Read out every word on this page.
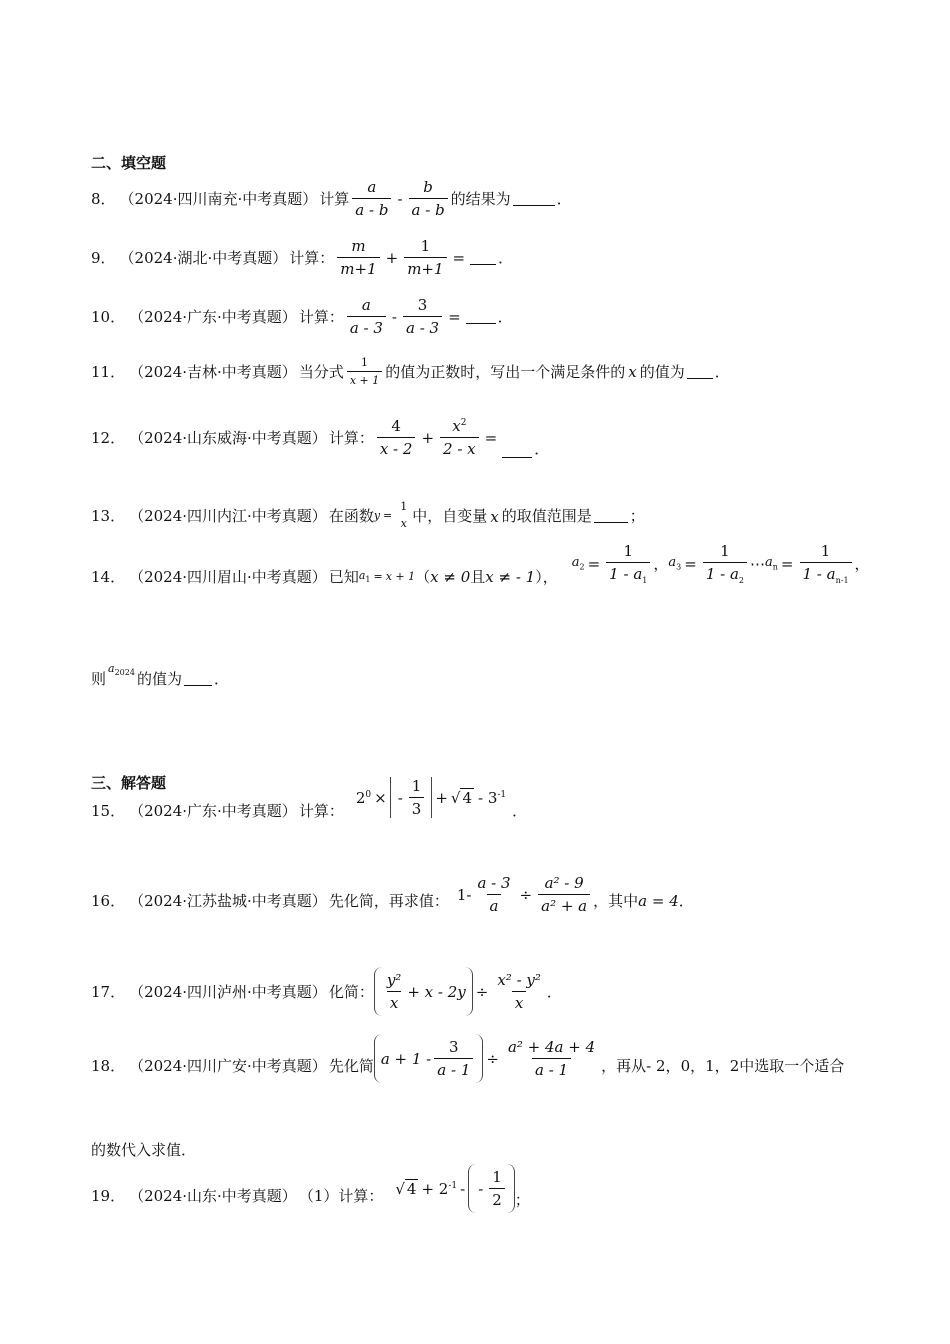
二、填空题
8． （2024·四川南充·中考真题） 计算 $\frac{a}{a - b} - \frac{b}{a - b}$ 的结果为	．
9． （2024·湖北·中考真题） 计算： $\frac{m}{m+1} + \frac{1}{m+1}$ = ．
10． （2024·广东·中考真题） 计算： $\frac{a}{a - 3} - \frac{3}{a - 3}$ = ．
11． （2024·吉林·中考真题） 当分式 $\frac{1}{x + 1}$ 的值为正数时，写出一个满足条件的 x 的值为 ．
12． （2024·山东威海·中考真题） 计算： $\frac{4}{x - 2} + \frac{x^2}{2 - x}$ =
．
13． （2024·四川内江·中考真题） 在函数 y =
1
x 中，自变量 x 的取值范围是	；
14． （2024·四川眉山·中考真题） 已知 $a_1 = x + 1$ （ x ≠ 0 且 x ≠ - 1 ），
$a_2 = \frac{1}{1 - a_1}$ ， $a_3 = \frac{1}{1 - a_2}$ ⋯ $a_n = \frac{1}{1 - a_{n-1}}$ ，
则
$a_{2024}$ 的值为 ．
三、解答题
15． （2024·广东·中考真题） 计算：
$2^0$ × - $\frac{1}{3}$ + √ $4 - 3^{-1}$
．
16． （2024·江苏盐城·中考真题） 先化简，再求值： $1- \frac{a - 3}{a} \div \frac{\text{a² - 9}}{\text{a² + a}}$ ，其中 a = 4 ．
17． （2024·四川泸州·中考真题） 化简： $\frac{\text{y²}}{x} + x - 2y \div \frac{\text{x² - y²}}{x}$ ．
18． （2024·四川广安·中考真题） 先化简 $a + 1 - \frac{3}{a - 1} \div \frac{\text{a² + 4a + 4}}{a - 1}$ ，再从 - 2 ， 0 ， 1 ， 2 中选取一个适合
的数代入求值．
19． （2024·山东·中考真题） （1）计算： √ $4 + 2^{-1}$ - - $\frac{1}{2}$ ；
